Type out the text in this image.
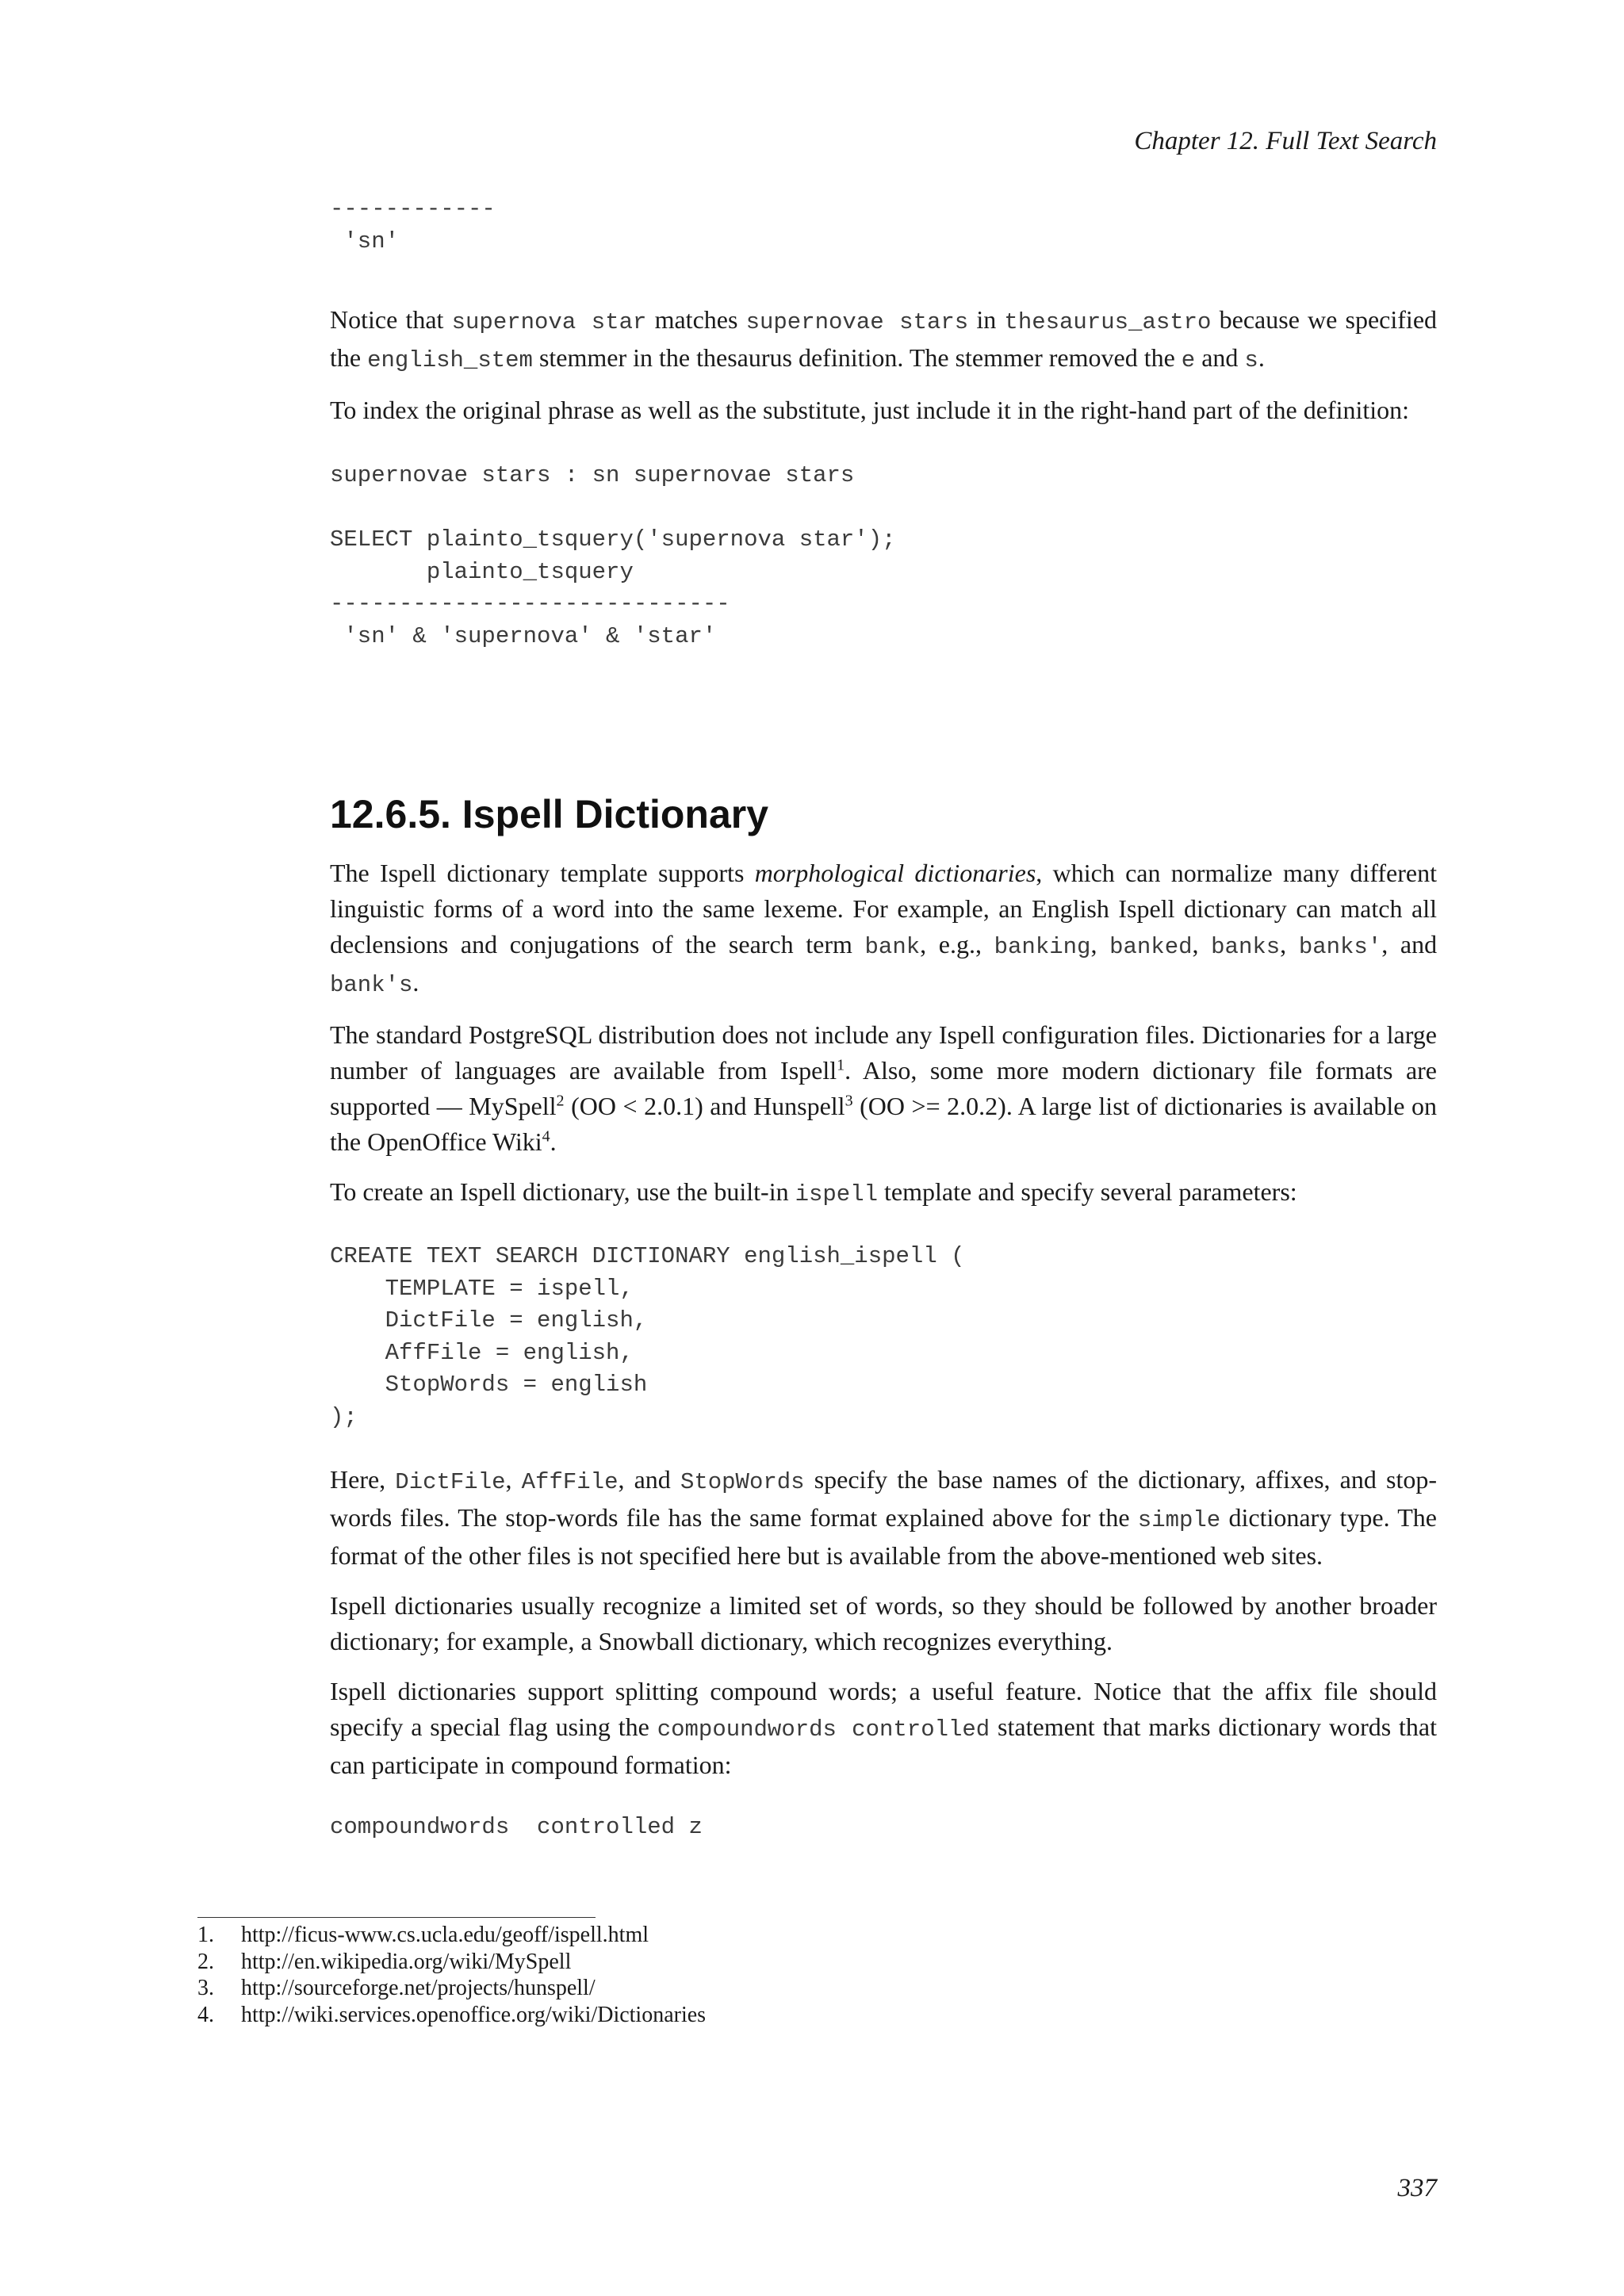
Chapter 12. Full Text Search
------------
'sn'

Notice that supernova star matches supernovae stars in thesaurus_astro because we specified the english_stem stemmer in the thesaurus definition. The stemmer removed the e and s.

To index the original phrase as well as the substitute, just include it in the right-hand part of the definition:

supernovae stars : sn supernovae stars

SELECT plainto_tsquery('supernova star');
plainto_tsquery
-----------------------------
'sn' & 'supernova' & 'star'
12.6.5. Ispell Dictionary

The Ispell dictionary template supports morphological dictionaries, which can normalize many different linguistic forms of a word into the same lexeme. For example, an English Ispell dictionary can match all declensions and conjugations of the search term bank, e.g., banking, banked, banks, banks', and bank's.

The standard PostgreSQL distribution does not include any Ispell configuration files. Dictionaries for a large number of languages are available from Ispell$^1$. Also, some more modern dictionary file formats are supported — MySpell$^2$ (OO < 2.0.1) and Hunspell$^3$ (OO >= 2.0.2). A large list of dictionaries is available on the OpenOffice Wiki$^4$.

To create an Ispell dictionary, use the built-in ispell template and specify several parameters:

CREATE TEXT SEARCH DICTIONARY english_ispell (
TEMPLATE = ispell,
DictFile = english,
AffFile = english,
StopWords = english
);

Here, DictFile, AffFile, and StopWords specify the base names of the dictionary, affixes, and stop-words files. The stop-words file has the same format explained above for the simple dictionary type. The format of the other files is not specified here but is available from the above-mentioned web sites.

Ispell dictionaries usually recognize a limited set of words, so they should be followed by another broader dictionary; for example, a Snowball dictionary, which recognizes everything.

Ispell dictionaries support splitting compound words; a useful feature. Notice that the affix file should specify a special flag using the compoundwords controlled statement that marks dictionary words that can participate in compound formation:

compoundwords  controlled z
1.	http://ficus-www.cs.ucla.edu/geoff/ispell.html
2.	http://en.wikipedia.org/wiki/MySpell
3.	http://sourceforge.net/projects/hunspell/
4.	http://wiki.services.openoffice.org/wiki/Dictionaries
337
